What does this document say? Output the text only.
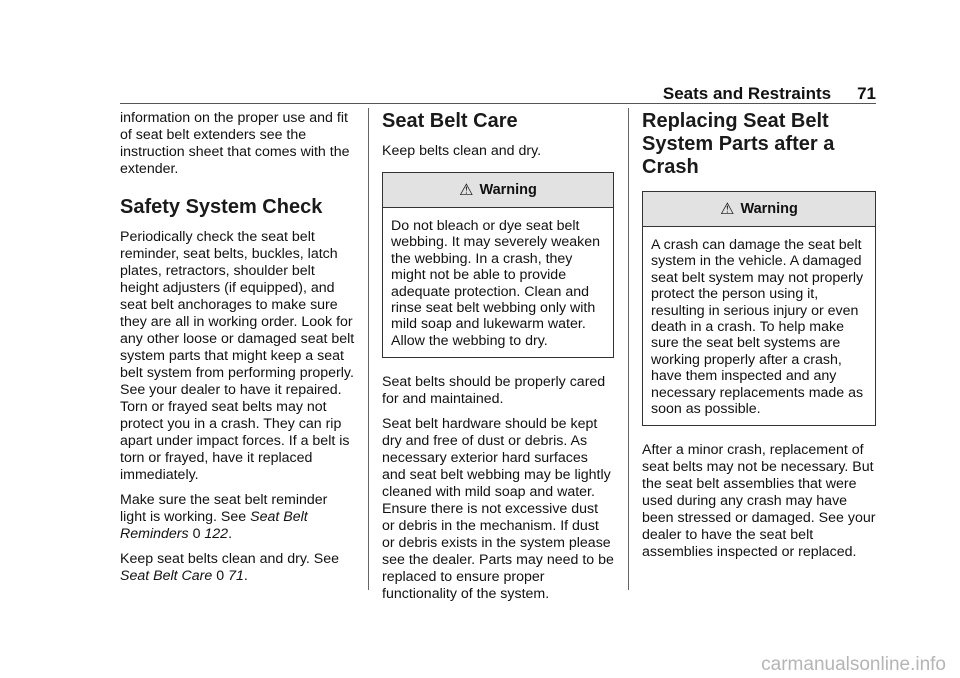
Seats and Restraints 71

information on the proper use and fit of seat belt extenders see the instruction sheet that comes with the extender.

Safety System Check

Periodically check the seat belt reminder, seat belts, buckles, latch plates, retractors, shoulder belt height adjusters (if equipped), and seat belt anchorages to make sure they are all in working order. Look for any other loose or damaged seat belt system parts that might keep a seat belt system from performing properly. See your dealer to have it repaired. Torn or frayed seat belts may not protect you in a crash. They can rip apart under impact forces. If a belt is torn or frayed, have it replaced immediately.

Make sure the seat belt reminder light is working. See Seat Belt Reminders 0 122.

Keep seat belts clean and dry. See Seat Belt Care 0 71.

Seat Belt Care

Keep belts clean and dry.

⚠ Warning
Do not bleach or dye seat belt webbing. It may severely weaken the webbing. In a crash, they might not be able to provide adequate protection. Clean and rinse seat belt webbing only with mild soap and lukewarm water. Allow the webbing to dry.

Seat belts should be properly cared for and maintained.

Seat belt hardware should be kept dry and free of dust or debris. As necessary exterior hard surfaces and seat belt webbing may be lightly cleaned with mild soap and water. Ensure there is not excessive dust or debris in the mechanism. If dust or debris exists in the system please see the dealer. Parts may need to be replaced to ensure proper functionality of the system.

Replacing Seat Belt System Parts after a Crash
⚠ Warning
A crash can damage the seat belt system in the vehicle. A damaged seat belt system may not properly protect the person using it, resulting in serious injury or even death in a crash. To help make sure the seat belt systems are working properly after a crash, have them inspected and any necessary replacements made as soon as possible.

After a minor crash, replacement of seat belts may not be necessary. But the seat belt assemblies that were used during any crash may have been stressed or damaged. See your dealer to have the seat belt assemblies inspected or replaced.

carmanualsonline.info
